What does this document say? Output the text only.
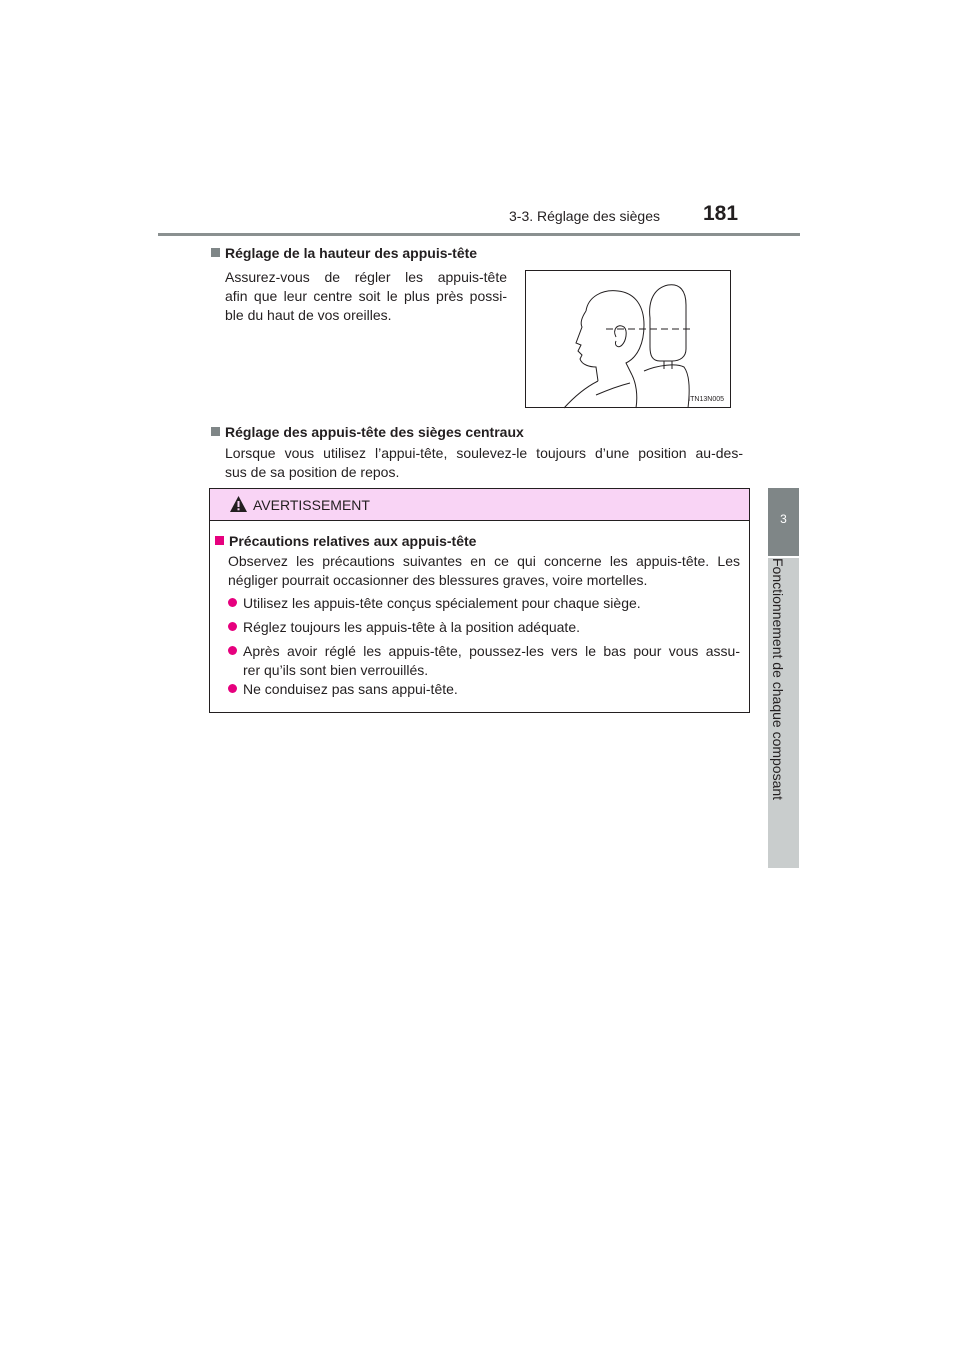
3-3. Réglage des sièges 181
3
Fonctionnement de chaque composant
Réglage de la hauteur des appuis-tête
Assurez-vous de régler les appuis-tête
afin que leur centre soit le plus près possi-
ble du haut de vos oreilles.
ITN13N005
Réglage des appuis-tête des sièges centraux
Lorsque vous utilisez l’appui-tête, soulevez-le toujours d’une position au-des-
sus de sa position de repos.
AVERTISSEMENT
Précautions relatives aux appuis-tête
Observez les précautions suivantes en ce qui concerne les appuis-tête. Les
négliger pourrait occasionner des blessures graves, voire mortelles.
Utilisez les appuis-tête conçus spécialement pour chaque siège.
Réglez toujours les appuis-tête à la position adéquate.
Après avoir réglé les appuis-tête, poussez-les vers le bas pour vous assu-
rer qu’ils sont bien verrouillés.
Ne conduisez pas sans appui-tête.
